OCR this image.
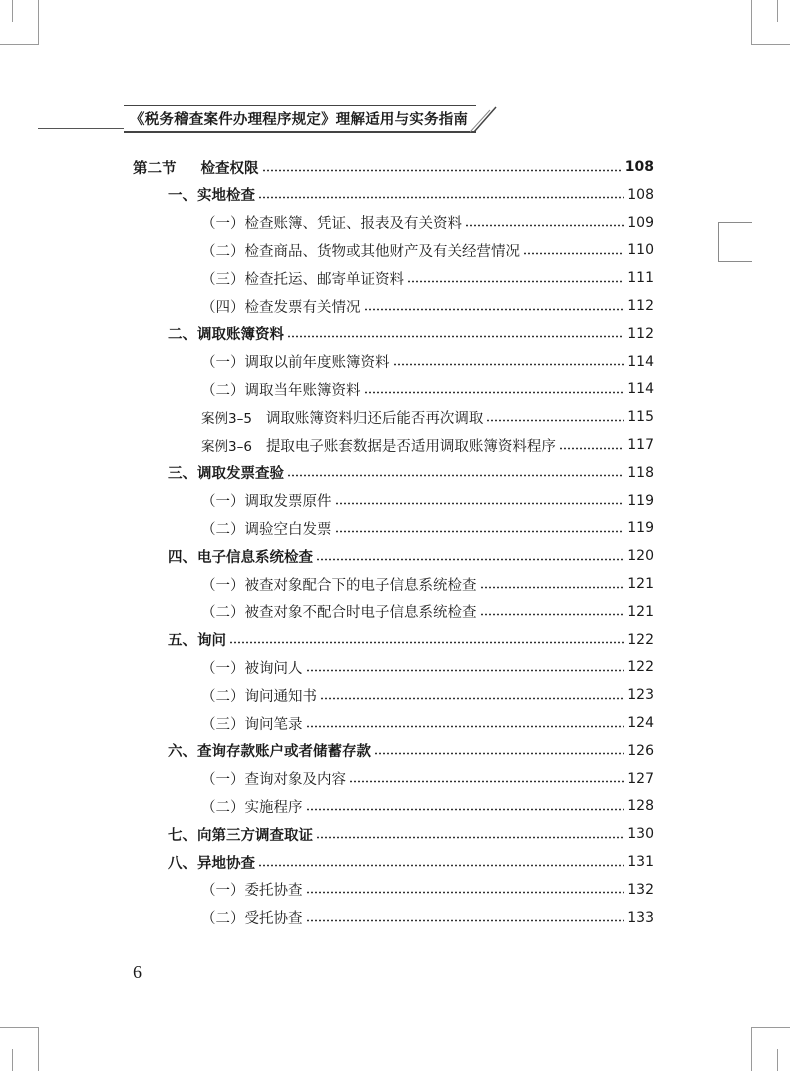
《税务稽查案件办理程序规定》理解适用与实务指南
第二节 检查权限	108
一、实地检查	108
（一）检查账簿、凭证、报表及有关资料	109
（二）检查商品、货物或其他财产及有关经营情况	110
（三）检查托运、邮寄单证资料	111
（四）检查发票有关情况	112
二、调取账簿资料	112
（一）调取以前年度账簿资料	114
（二）调取当年账簿资料	114
案例3–5 调取账簿资料归还后能否再次调取	115
案例3–6 提取电子账套数据是否适用调取账簿资料程序	117
三、调取发票查验	118
（一）调取发票原件	119
（二）调验空白发票	119
四、电子信息系统检查	120
（一）被查对象配合下的电子信息系统检查	121
（二）被查对象不配合时电子信息系统检查	121
五、询问	122
（一）被询问人	122
（二）询问通知书	123
（三）询问笔录	124
六、查询存款账户或者储蓄存款	126
（一）查询对象及内容	127
（二）实施程序	128
七、向第三方调查取证	130
八、异地协查	131
（一）委托协查	132
（二）受托协查	133
6
